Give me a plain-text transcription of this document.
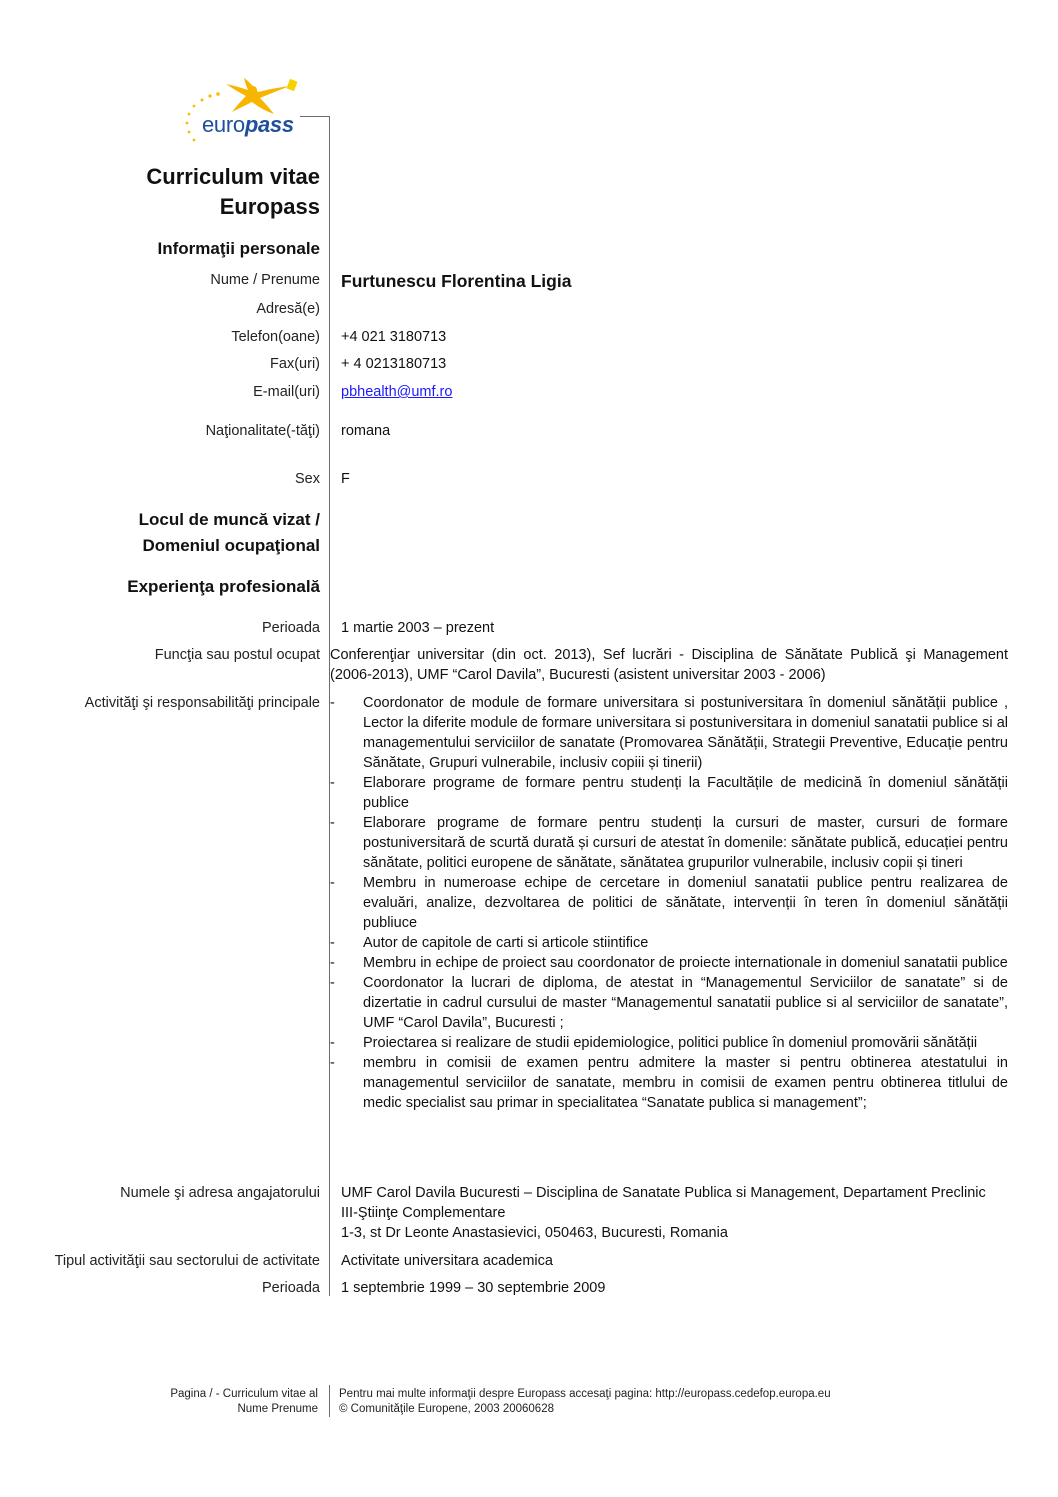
europass
Curriculum vitae
Europass
Informaţii personale
Nume / Prenume Furtunescu Florentina Ligia
Adresă(e)
Telefon(oane) +4 021 3180713
Fax(uri) + 4 0213180713
E-mail(uri) pbhealth@umf.ro
Naţionalitate(-tăţi) romana
Sex F
Locul de muncă vizat /
Domeniul ocupaţional
Experienţa profesională
Perioada 1 martie 2003 – prezent
Funcţia sau postul ocupat Conferenţiar universitar (din oct. 2013), Sef lucrări - Disciplina de Sănătate Publică şi Management (2006-2013), UMF “Carol Davila”, Bucuresti (asistent universitar 2003 - 2006)
Activităţi şi responsabilităţi principale - Coordonator de module de formare universitara si postuniversitara în domeniul sănătății publice , Lector la diferite module de formare universitara si postuniversitara in domeniul sanatatii publice si al managementului serviciilor de sanatate (Promovarea Sănătății, Strategii Preventive, Educație pentru Sănătate, Grupuri vulnerabile, inclusiv copiii și tinerii)
- Elaborare programe de formare pentru studenți la Facultățile de medicină în domeniul sănătății publice
- Elaborare programe de formare pentru studenți la cursuri de master, cursuri de formare postuniversitară de scurtă durată și cursuri de atestat în domenile: sănătate publică, educației pentru sănătate, politici europene de sănătate, sănătatea grupurilor vulnerabile, inclusiv copii și tineri
- Membru in numeroase echipe de cercetare in domeniul sanatatii publice pentru realizarea de evaluări, analize, dezvoltarea de politici de sănătate, intervenții în teren în domeniul sănătății publiuce
- Autor de capitole de carti si articole stiintifice
- Membru in echipe de proiect sau coordonator de proiecte internationale in domeniul sanatatii publice
- Coordonator la lucrari de diploma, de atestat in “Managementul Serviciilor de sanatate” si de dizertatie in cadrul cursului de master “Managementul sanatatii publice si al serviciilor de sanatate”, UMF “Carol Davila”, Bucuresti ;
- Proiectarea si realizare de studii epidemiologice, politici publice în domeniul promovării sănătății
- membru in comisii de examen pentru admitere la master si pentru obtinerea atestatului in managementul serviciilor de sanatate, membru in comisii de examen pentru obtinerea titlului de medic specialist sau primar in specialitatea “Sanatate publica si management”;
Numele şi adresa angajatorului UMF Carol Davila Bucuresti – Disciplina de Sanatate Publica si Management, Departament Preclinic
III-Ştiinţe Complementare
1-3, st Dr Leonte Anastasievici, 050463, Bucuresti, Romania
Tipul activităţii sau sectorului de activitate Activitate universitara academica
Perioada 1 septembrie 1999 – 30 septembrie 2009
Pagina / - Curriculum vitae al
Nume Prenume
Pentru mai multe informaţii despre Europass accesaţi pagina: http://europass.cedefop.europa.eu
© Comunităţile Europene, 2003 20060628
